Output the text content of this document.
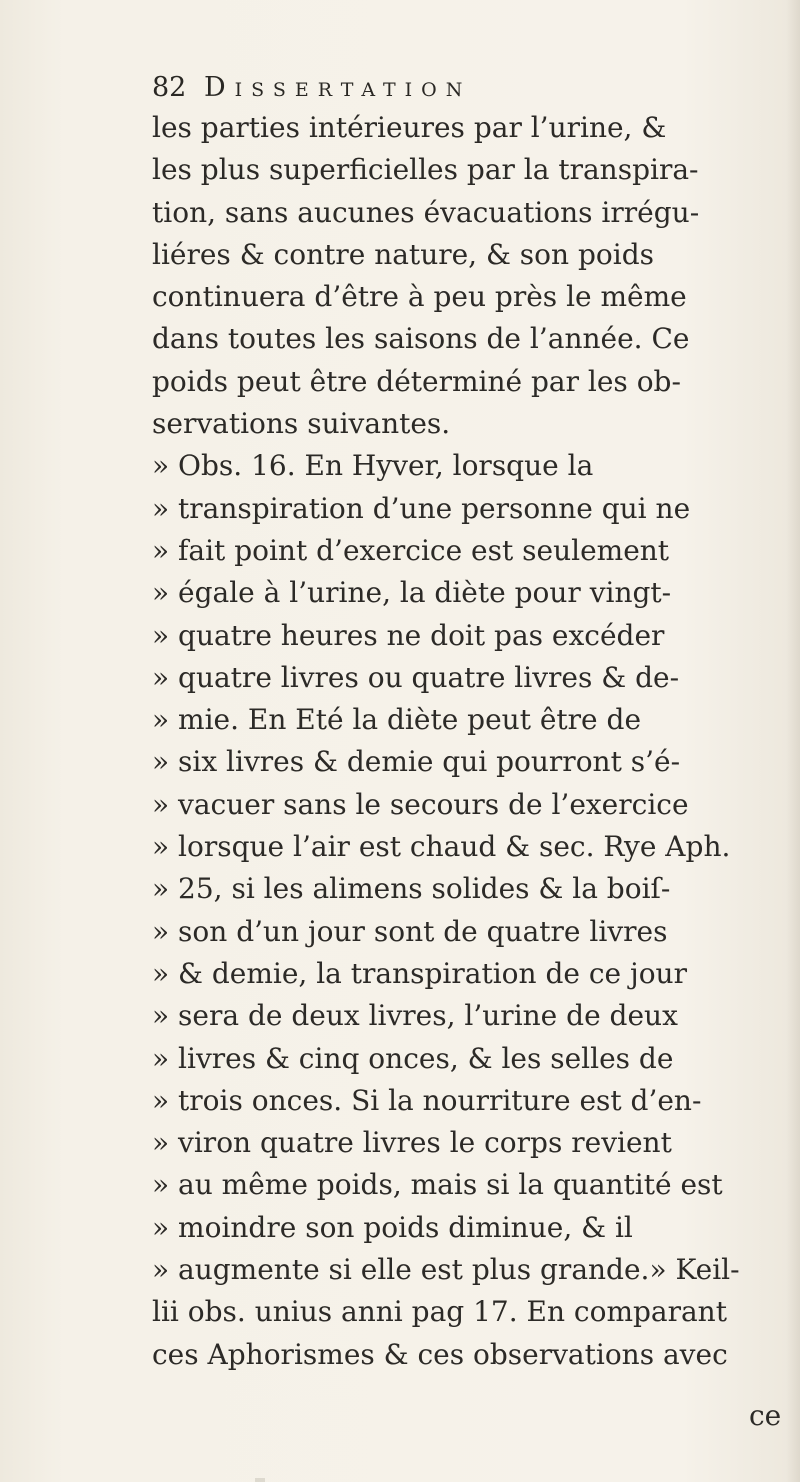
82 Dissertation
les parties intérieures par l’urine, &
les plus superficielles par la transpira-
tion, sans aucunes évacuations irrégu-
liéres & contre nature, & son poids
continuera d’être à peu près le même
dans toutes les saisons de l’année. Ce
poids peut être déterminé par les ob-
servations suivantes.
» Obs. 16. En Hyver, lorsque la
» transpiration d’une personne qui ne
» fait point d’exercice est seulement
» égale à l’urine, la diète pour vingt-
» quatre heures ne doit pas excéder
» quatre livres ou quatre livres & de-
» mie. En Eté la diète peut être de
» six livres & demie qui pourront s’é-
» vacuer sans le secours de l’exercice
» lorsque l’air est chaud & sec. Rye Aph.
» 25, si les alimens solides & la boiſ-
» son d’un jour sont de quatre livres
» & demie, la transpiration de ce jour
» sera de deux livres, l’urine de deux
» livres & cinq onces, & les selles de
» trois onces. Si la nourriture est d’en-
» viron quatre livres le corps revient
» au même poids, mais si la quantité est
» moindre son poids diminue, & il
» augmente si elle est plus grande.» Keil-
lii obs. unius anni pag 17. En comparant
ces Aphorismes & ces observations avec
ce
